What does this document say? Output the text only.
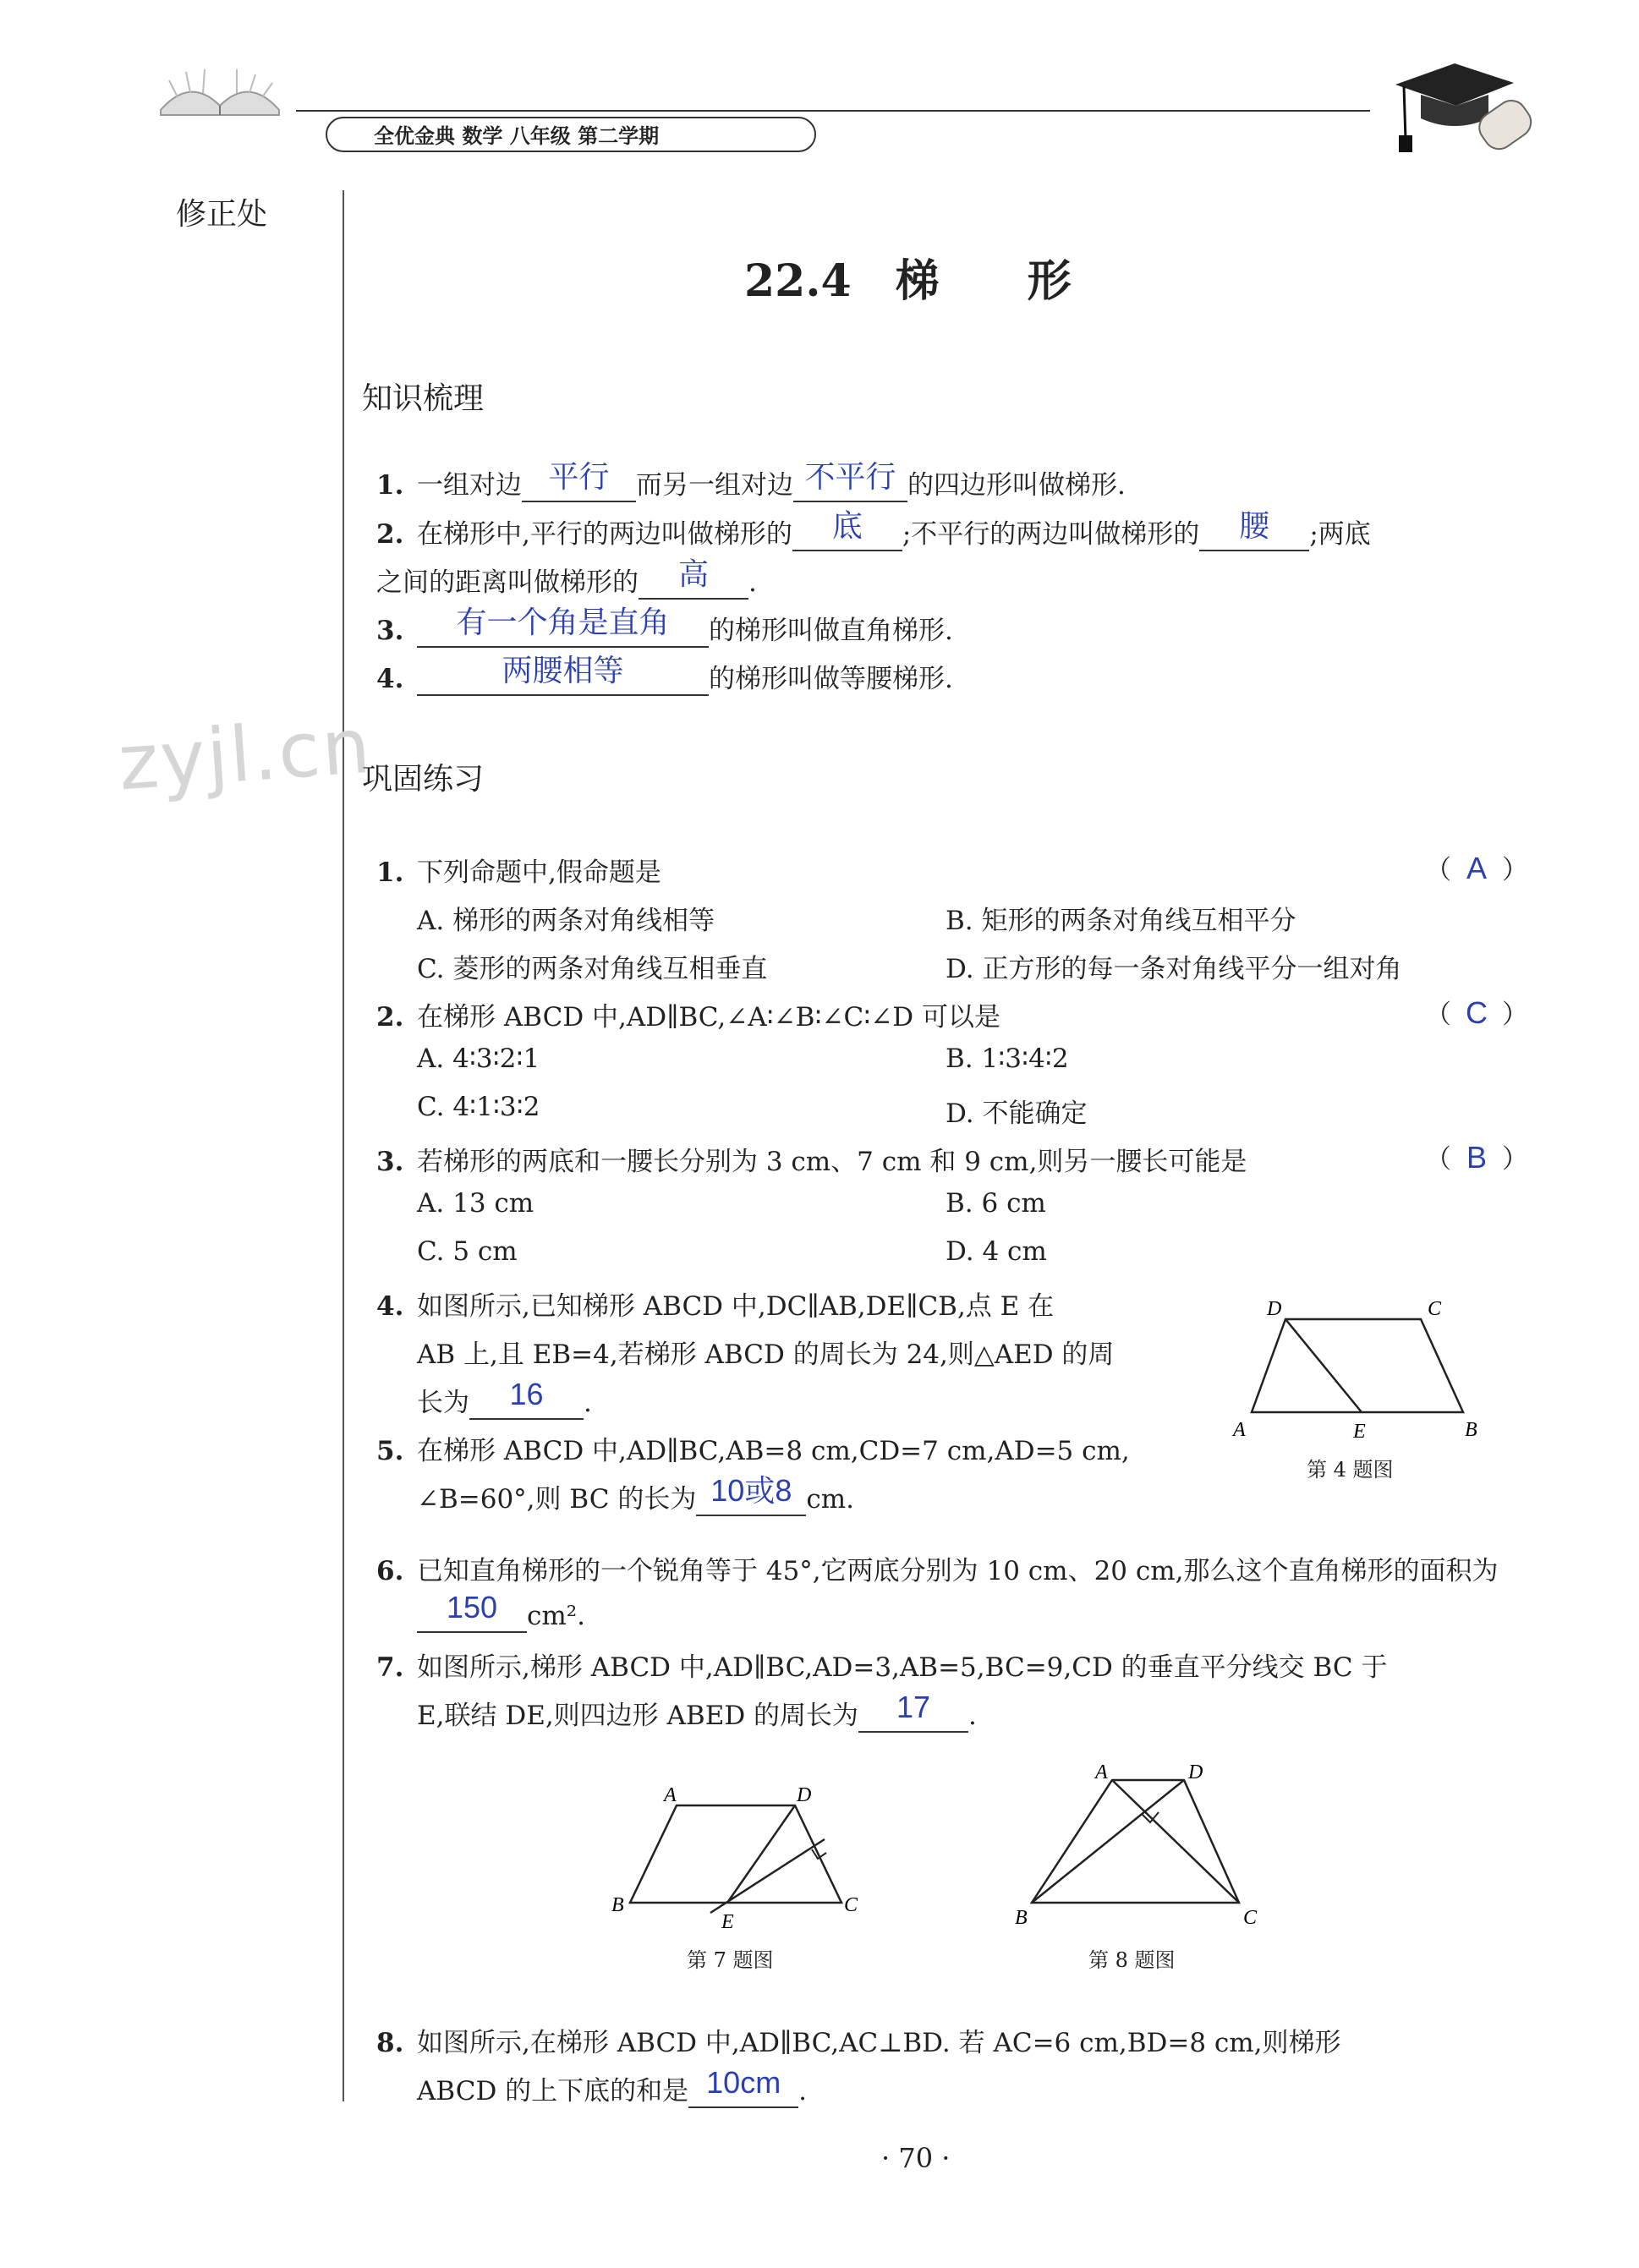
全优金典 数学 八年级 第二学期
修正处
zyjl.cn
22.4　梯　　形
知识梳理
1. 一组对边 平行 而另一组对边 不平行 的四边形叫做梯形.
2. 在梯形中,平行的两边叫做梯形的 底 ;不平行的两边叫做梯形的 腰 ;两底
之间的距离叫做梯形的 高 .
3. 有一个角是直角 的梯形叫做直角梯形.
4.	两腰相等	的梯形叫做等腰梯形.
巩固练习
1. 下列命题中,假命题是	（ A ）
A. 梯形的两条对角线相等	B. 矩形的两条对角线互相平分
C. 菱形的两条对角线互相垂直	D. 正方形的每一条对角线平分一组对角
2. 在梯形 ABCD 中,AD∥BC,∠A∶∠B∶∠C∶∠D 可以是	（ C ）
A. 4∶3∶2∶1	B. 1∶3∶4∶2
C. 4∶1∶3∶2	D. 不能确定
3. 若梯形的两底和一腰长分别为 3 cm、7 cm 和 9 cm,则另一腰长可能是	（ B ）
A. 13 cm	B. 6 cm
C. 5 cm	D. 4 cm
4. 如图所示,已知梯形 ABCD 中,DC∥AB,DE∥CB,点 E 在
AB 上,且 EB=4,若梯形 ABCD 的周长为 24,则△AED 的周
长为 16 .
5. 在梯形 ABCD 中,AD∥BC,AB=8 cm,CD=7 cm,AD=5 cm,
∠B=60°,则 BC 的长为 10或8 cm.
6. 已知直角梯形的一个锐角等于 45°,它两底分别为 10 cm、20 cm,那么这个直角梯形的面积为
150 cm².
7. 如图所示,梯形 ABCD 中,AD∥BC,AD=3,AB=5,BC=9,CD 的垂直平分线交 BC 于
E,联结 DE,则四边形 ABED 的周长为 17 .
8. 如图所示,在梯形 ABCD 中,AD∥BC,AC⊥BD. 若 AC=6 cm,BD=8 cm,则梯形
ABCD 的上下底的和是 10cm .
A	B
C
D
E
第 4 题图
A
B	C
D
E
第 7 题图
A
B	C
D
第 8 题图
· 70 ·
